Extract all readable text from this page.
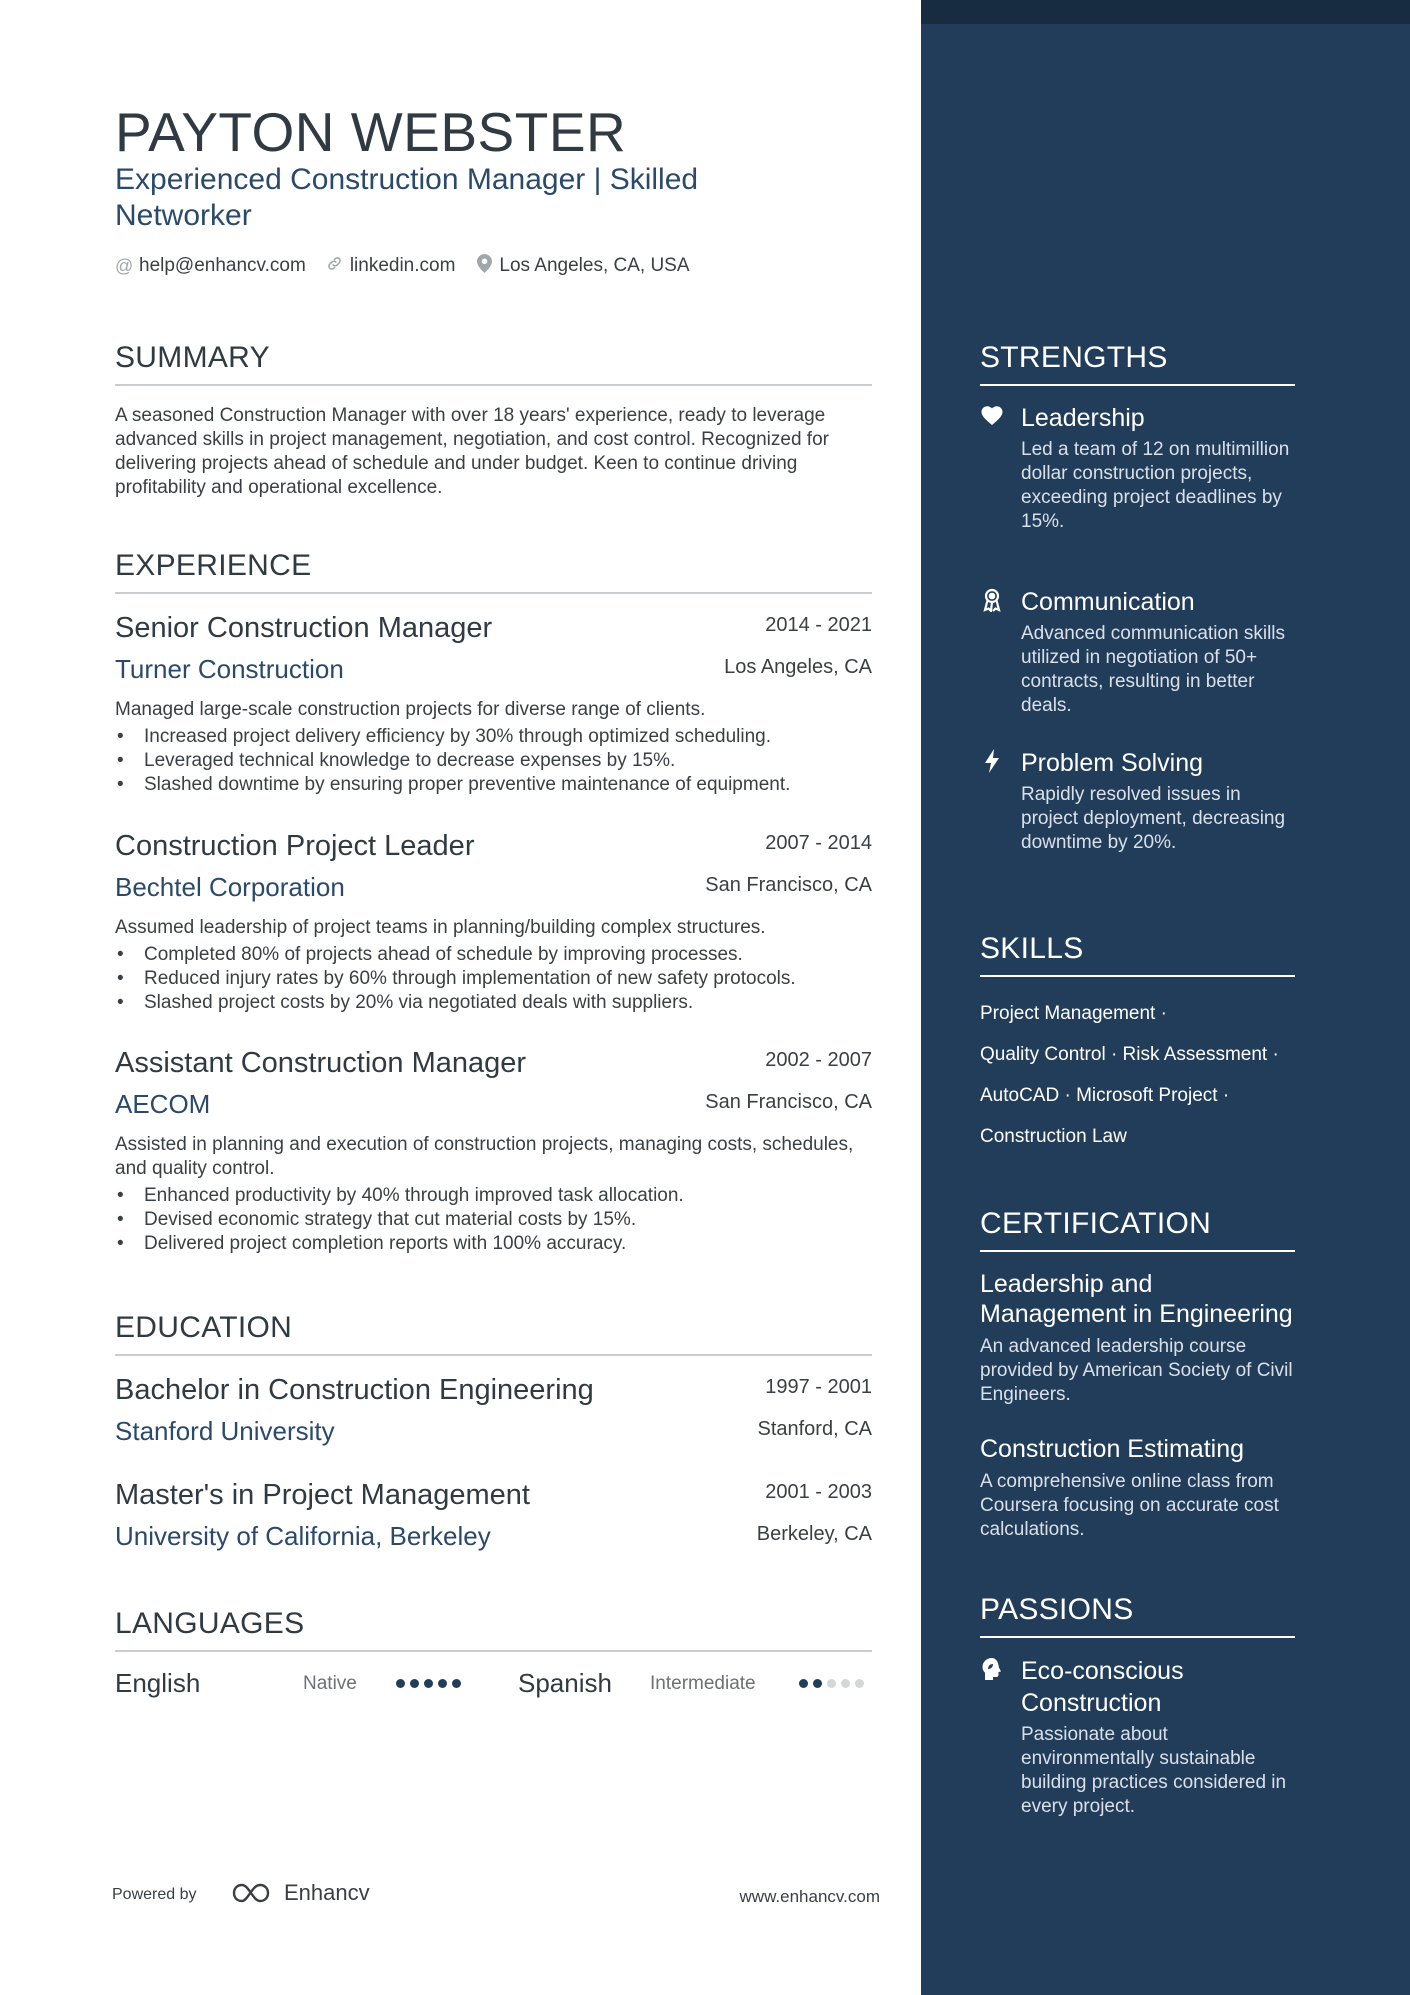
PAYTON WEBSTER
Experienced Construction Manager | Skilled Networker
@ help@enhancv.com linkedin.com Los Angeles, CA, USA
SUMMARY
A seasoned Construction Manager with over 18 years' experience, ready to leverage advanced skills in project management, negotiation, and cost control. Recognized for delivering projects ahead of schedule and under budget. Keen to continue driving profitability and operational excellence.
EXPERIENCE
Senior Construction Manager	2014 - 2021
Turner Construction	Los Angeles, CA
Managed large-scale construction projects for diverse range of clients.
• Increased project delivery efficiency by 30% through optimized scheduling.
• Leveraged technical knowledge to decrease expenses by 15%.
• Slashed downtime by ensuring proper preventive maintenance of equipment.
Construction Project Leader	2007 - 2014
Bechtel Corporation	San Francisco, CA
Assumed leadership of project teams in planning/building complex structures.
• Completed 80% of projects ahead of schedule by improving processes.
• Reduced injury rates by 60% through implementation of new safety protocols.
• Slashed project costs by 20% via negotiated deals with suppliers.
Assistant Construction Manager	2002 - 2007
AECOM	San Francisco, CA
Assisted in planning and execution of construction projects, managing costs, schedules, and quality control.
• Enhanced productivity by 40% through improved task allocation.
• Devised economic strategy that cut material costs by 15%.
• Delivered project completion reports with 100% accuracy.
EDUCATION
Bachelor in Construction Engineering	1997 - 2001
Stanford University	Stanford, CA
Master's in Project Management	2001 - 2003
University of California, Berkeley	Berkeley, CA
LANGUAGES
English	Native	Spanish Intermediate
Powered by	Enhancv	www.enhancv.com
STRENGTHS
Leadership
Led a team of 12 on multimillion dollar construction projects, exceeding project deadlines by 15%.
Communication
Advanced communication skills utilized in negotiation of 50+ contracts, resulting in better deals.
Problem Solving
Rapidly resolved issues in project deployment, decreasing downtime by 20%.
SKILLS
Project Management ·
Quality Control · Risk Assessment ·
AutoCAD · Microsoft Project ·
Construction Law
CERTIFICATION
Leadership and Management in Engineering
An advanced leadership course provided by American Society of Civil Engineers.
Construction Estimating
A comprehensive online class from Coursera focusing on accurate cost calculations.
PASSIONS
Eco-conscious Construction
Passionate about environmentally sustainable building practices considered in every project.
